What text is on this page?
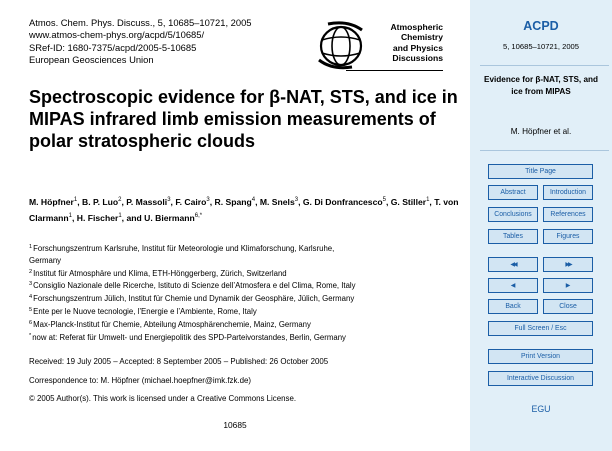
Atmos. Chem. Phys. Discuss., 5, 10685–10721, 2005
www.atmos-chem-phys.org/acpd/5/10685/
SRef-ID: 1680-7375/acpd/2005-5-10685
European Geosciences Union
Atmospheric
Chemistry
and Physics
Discussions
Spectroscopic evidence for β-NAT, STS, and ice in MIPAS infrared limb emission measurements of polar stratospheric clouds
M. Höpfner$^1$, B. P. Luo$^2$, P. Massoli$^3$, F. Cairo$^3$, R. Spang$^4$, M. Snels$^3$, G. Di Donfrancesco$^5$, G. Stiller$^1$, T. von Clarmann$^1$, H. Fischer$^1$, and U. Biermann$^{6,*}$
$^1$Forschungszentrum Karlsruhe, Institut für Meteorologie und Klimaforschung, Karlsruhe,
Germany
$^2$Institut für Atmosphäre und Klima, ETH-Hönggerberg, Zürich, Switzerland
$^3$Consiglio Nazionale delle Ricerche, Istituto di Scienze dell’Atmosfera e del Clima, Rome, Italy
$^4$Forschungszentrum Jülich, Institut für Chemie und Dynamik der Geosphäre, Jülich, Germany
$^5$Ente per le Nuove tecnologie, l’Energie e l’Ambiente, Rome, Italy
$^6$Max-Planck-Institut für Chemie, Abteilung Atmosphärenchemie, Mainz, Germany
*now at: Referat für Umwelt- und Energiepolitik des SPD-Parteivorstandes, Berlin, Germany
Received: 19 July 2005 – Accepted: 8 September 2005 – Published: 26 October 2005
Correspondence to: M. Höpfner (michael.hoepfner@imk.fzk.de)
© 2005 Author(s). This work is licensed under a Creative Commons License.
10685
ACPD
5, 10685–10721, 2005
Evidence for β-NAT, STS, and ice from MIPAS
M. Höpfner et al.
Title Page
Abstract	Introduction
Conclusions	References
Tables	Figures
◀◀	▶▶
◀	▶
Back	Close
Full Screen / Esc
Print Version
Interactive Discussion
EGU
